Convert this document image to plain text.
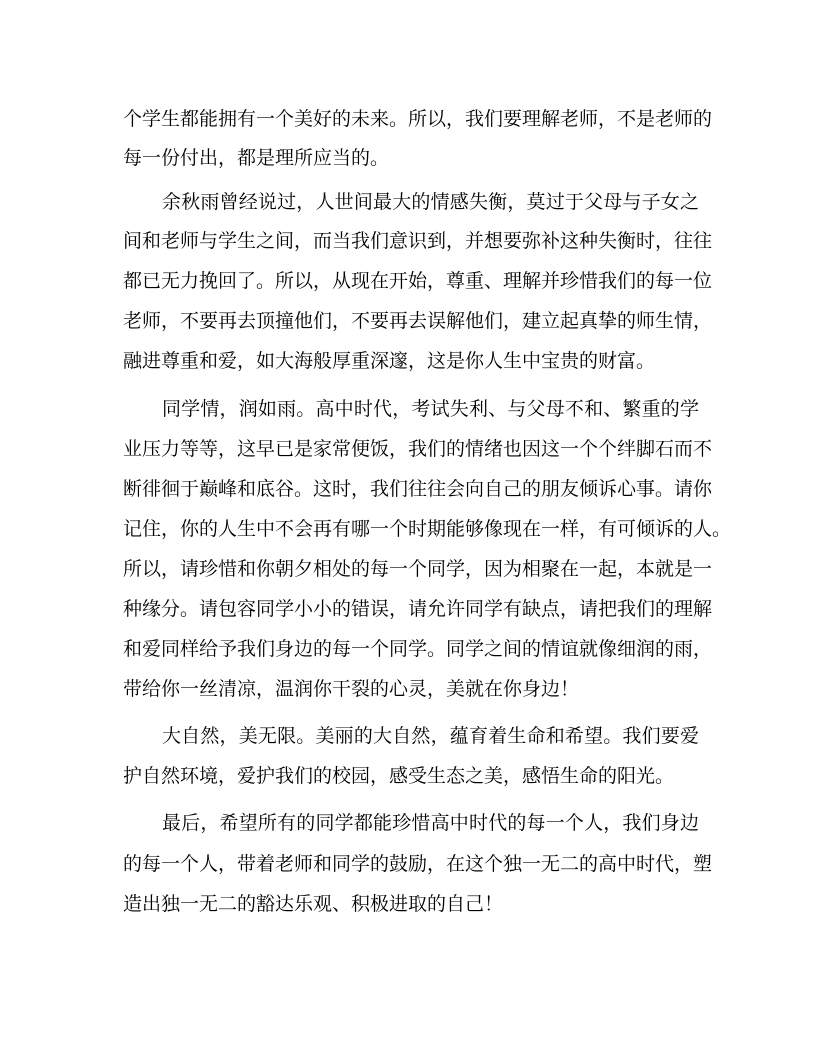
个学生都能拥有一个美好的未来。所以，我们要理解老师，不是老师的
每一份付出，都是理所应当的。
余秋雨曾经说过，人世间最大的情感失衡，莫过于父母与子女之
间和老师与学生之间，而当我们意识到，并想要弥补这种失衡时，往往
都已无力挽回了。所以，从现在开始，尊重、理解并珍惜我们的每一位
老师，不要再去顶撞他们，不要再去误解他们，建立起真挚的师生情，
融进尊重和爱，如大海般厚重深邃，这是你人生中宝贵的财富。
同学情，润如雨。高中时代，考试失利、与父母不和、繁重的学
业压力等等，这早已是家常便饭，我们的情绪也因这一个个绊脚石而不
断徘徊于巅峰和底谷。这时，我们往往会向自己的朋友倾诉心事。请你
记住，你的人生中不会再有哪一个时期能够像现在一样，有可倾诉的人。
所以，请珍惜和你朝夕相处的每一个同学，因为相聚在一起，本就是一
种缘分。请包容同学小小的错误，请允许同学有缺点，请把我们的理解
和爱同样给予我们身边的每一个同学。同学之间的情谊就像细润的雨，
带给你一丝清凉，温润你干裂的心灵，美就在你身边！
大自然，美无限。美丽的大自然，蕴育着生命和希望。我们要爱
护自然环境，爱护我们的校园，感受生态之美，感悟生命的阳光。
最后，希望所有的同学都能珍惜高中时代的每一个人，我们身边
的每一个人，带着老师和同学的鼓励，在这个独一无二的高中时代，塑
造出独一无二的豁达乐观、积极进取的自己！
